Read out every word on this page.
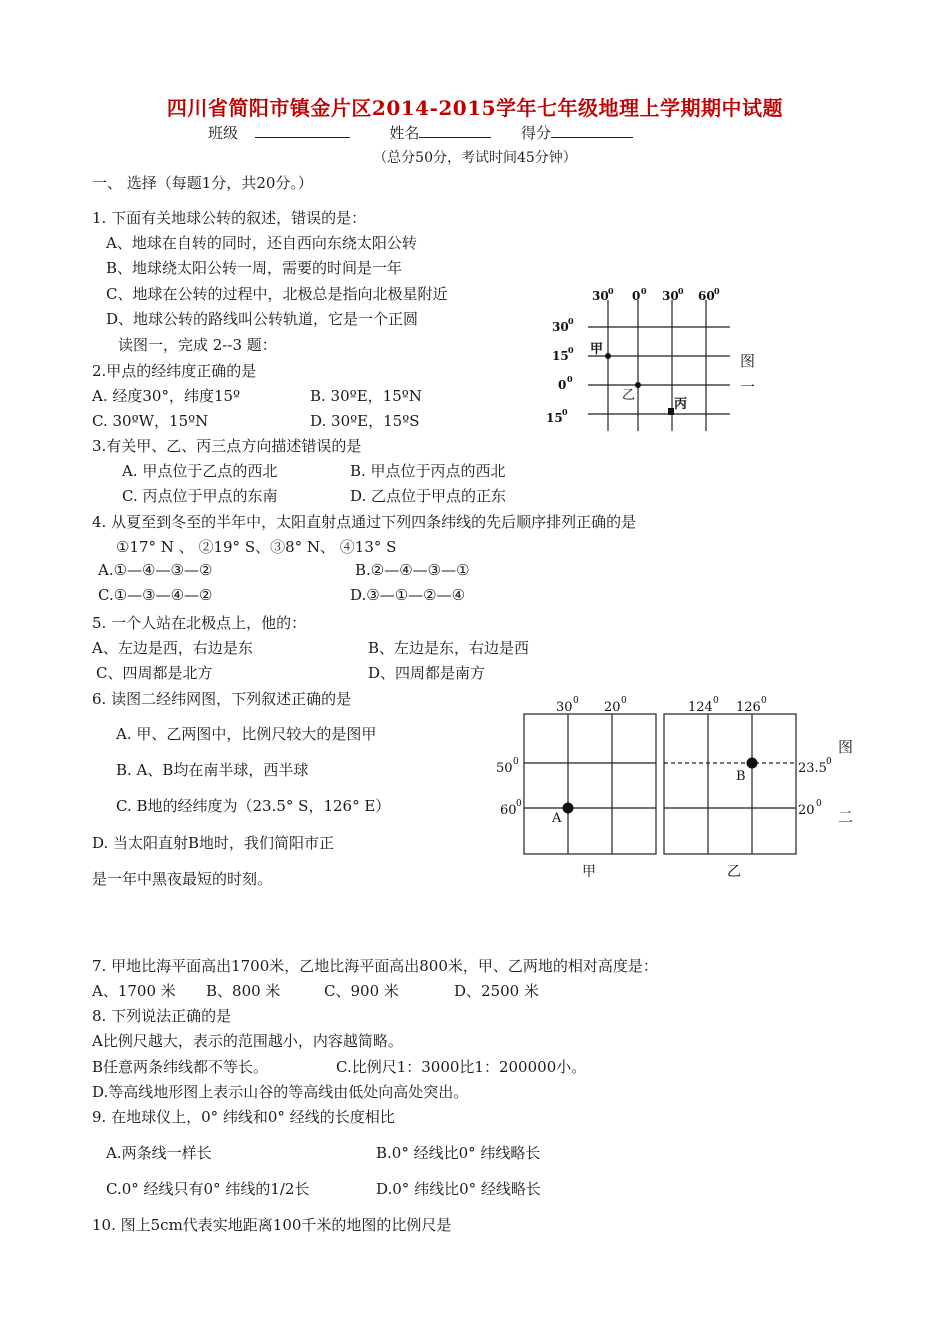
四川省简阳市镇金片区2014-2015学年七年级地理上学期期中试题
班级	姓名	得分
（总分50分，考试时间45分钟）
一、 选择（每题1分，共20分。）
1. 下面有关地球公转的叙述，错误的是：
A、地球在自转的同时，还自西向东绕太阳公转
B、地球绕太阳公转一周，需要的时间是一年
C、地球在公转的过程中，北极总是指向北极星附近
D、地球公转的路线叫公转轨道，它是一个正圆
读图一，完成 2--3 题：
30 0 0 0 30 0 60 0
30 0
15 0
0 0
15 0
甲
乙
丙
图
一
2.甲点的经纬度正确的是
A. 经度30°，纬度15º	B. 30ºE，15ºN
C. 30ºW，15ºN	D. 30ºE，15ºS
3.有关甲、乙、丙三点方向描述错误的是
A. 甲点位于乙点的西北	B. 甲点位于丙点的西北
C. 丙点位于甲点的东南	D. 乙点位于甲点的正东
4. 从夏至到冬至的半年中，太阳直射点通过下列四条纬线的先后顺序排列正确的是
①17° N 、 ②19° S、③8° N、 ④13° S
A.①—④—③—②	B.②—④—③—①
C.①—③—④—②	D.③—①—②—④
5. 一个人站在北极点上，他的：
A、左边是西，右边是东	B、左边是东，右边是西
C、四周都是北方	D、四周都是南方
6. 读图二经纬网图，下列叙述正确的是
A. 甲、乙两图中，比例尺较大的是图甲
B. A、B均在南半球，西半球
C. B地的经纬度为（23.5° S，126° E）
D. 当太阳直射B地时，我们简阳市正
是一年中黑夜最短的时刻。
30 0 20 0
50 0
60 0
124 0 126 0
23.5 0
20 0
A
B
甲	乙
图
二
7. 甲地比海平面高出1700米，乙地比海平面高出800米，甲、乙两地的相对高度是：
A、1700 米 B、800 米	C、900 米	D、2500 米
8. 下列说法正确的是
A比例尺越大，表示的范围越小，内容越简略。
B任意两条纬线都不等长。	C.比例尺1：3000比1：200000小。
D.等高线地形图上表示山谷的等高线由低处向高处突出。
9. 在地球仪上，0° 纬线和0° 经线的长度相比
A.两条线一样长	B.0° 经线比0° 纬线略长
C.0° 经线只有0° 纬线的1/2长	D.0° 纬线比0° 经线略长
10. 图上5cm代表实地距离100千米的地图的比例尺是
